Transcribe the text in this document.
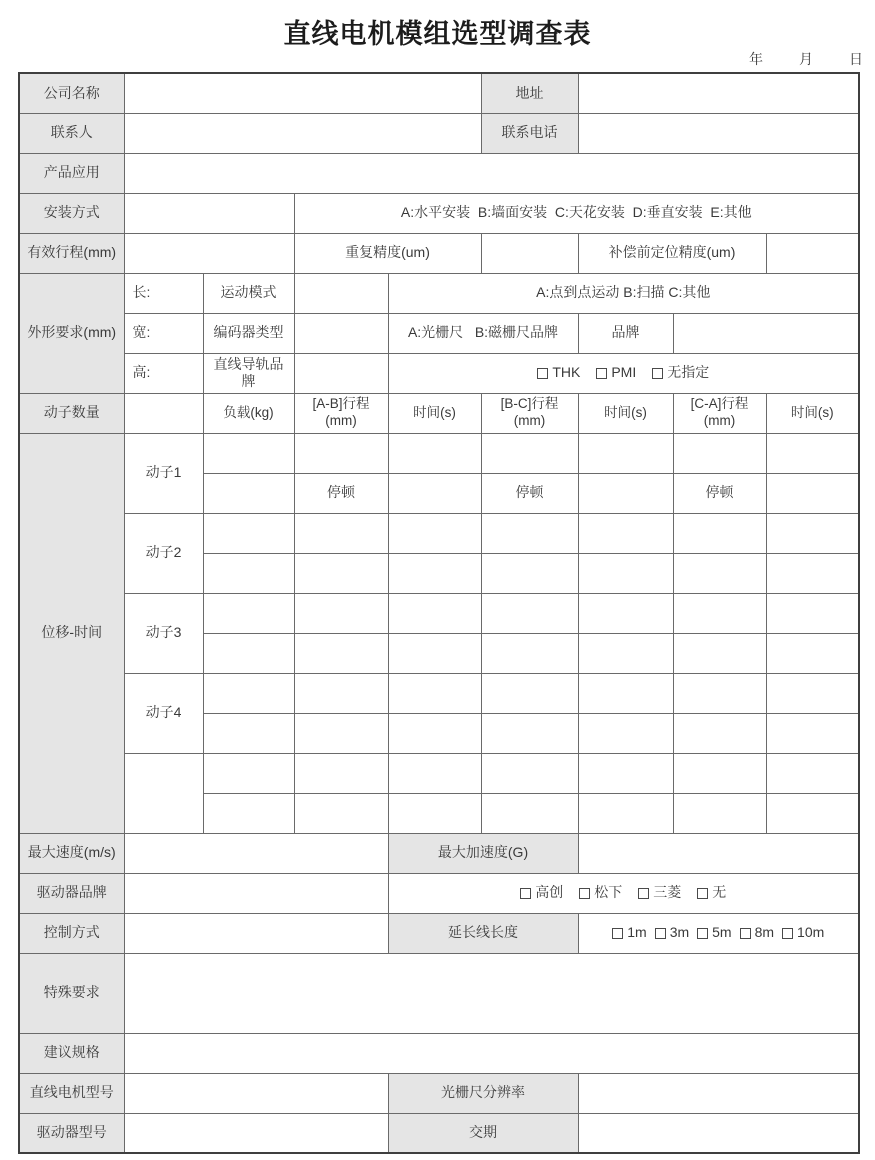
直线电机模组选型调查表
年	月	日
公司名称					地址			
联系人					联系电话			
产品应用								
安装方式			A:水平安装  B:墙面安装  C:天花安装  D:垂直安装  E:其他					
有效行程(mm)			重复精度(um)			补偿前定位精度(um)		
外形要求(mm)	长:	运动模式		A:点到点运动 B:扫描 C:其他				
	宽:	编码器类型		A:光栅尺   B:磁栅尺品牌		品牌		
	高:	直线导轨品牌		THK PMI 无指定				

动子数量		负载(kg)	[A-B]行程(mm)	时间(s)	[B-C]行程(mm)	时间(s)	[C-A]行程(mm)	时间(s)
位移-时间	动子1							
			停顿		停顿		停顿	
	动子2							

	动子3							

	动子4							

最大速度(m/s)				最大加速度(G)				
驱动器品牌				高创 松下 三菱 无				

控制方式				延长线长度		1m 3m 5m 8m 10m		

特殊要求								
建议规格								
直线电机型号				光栅尺分辨率				
驱动器型号				交期				
